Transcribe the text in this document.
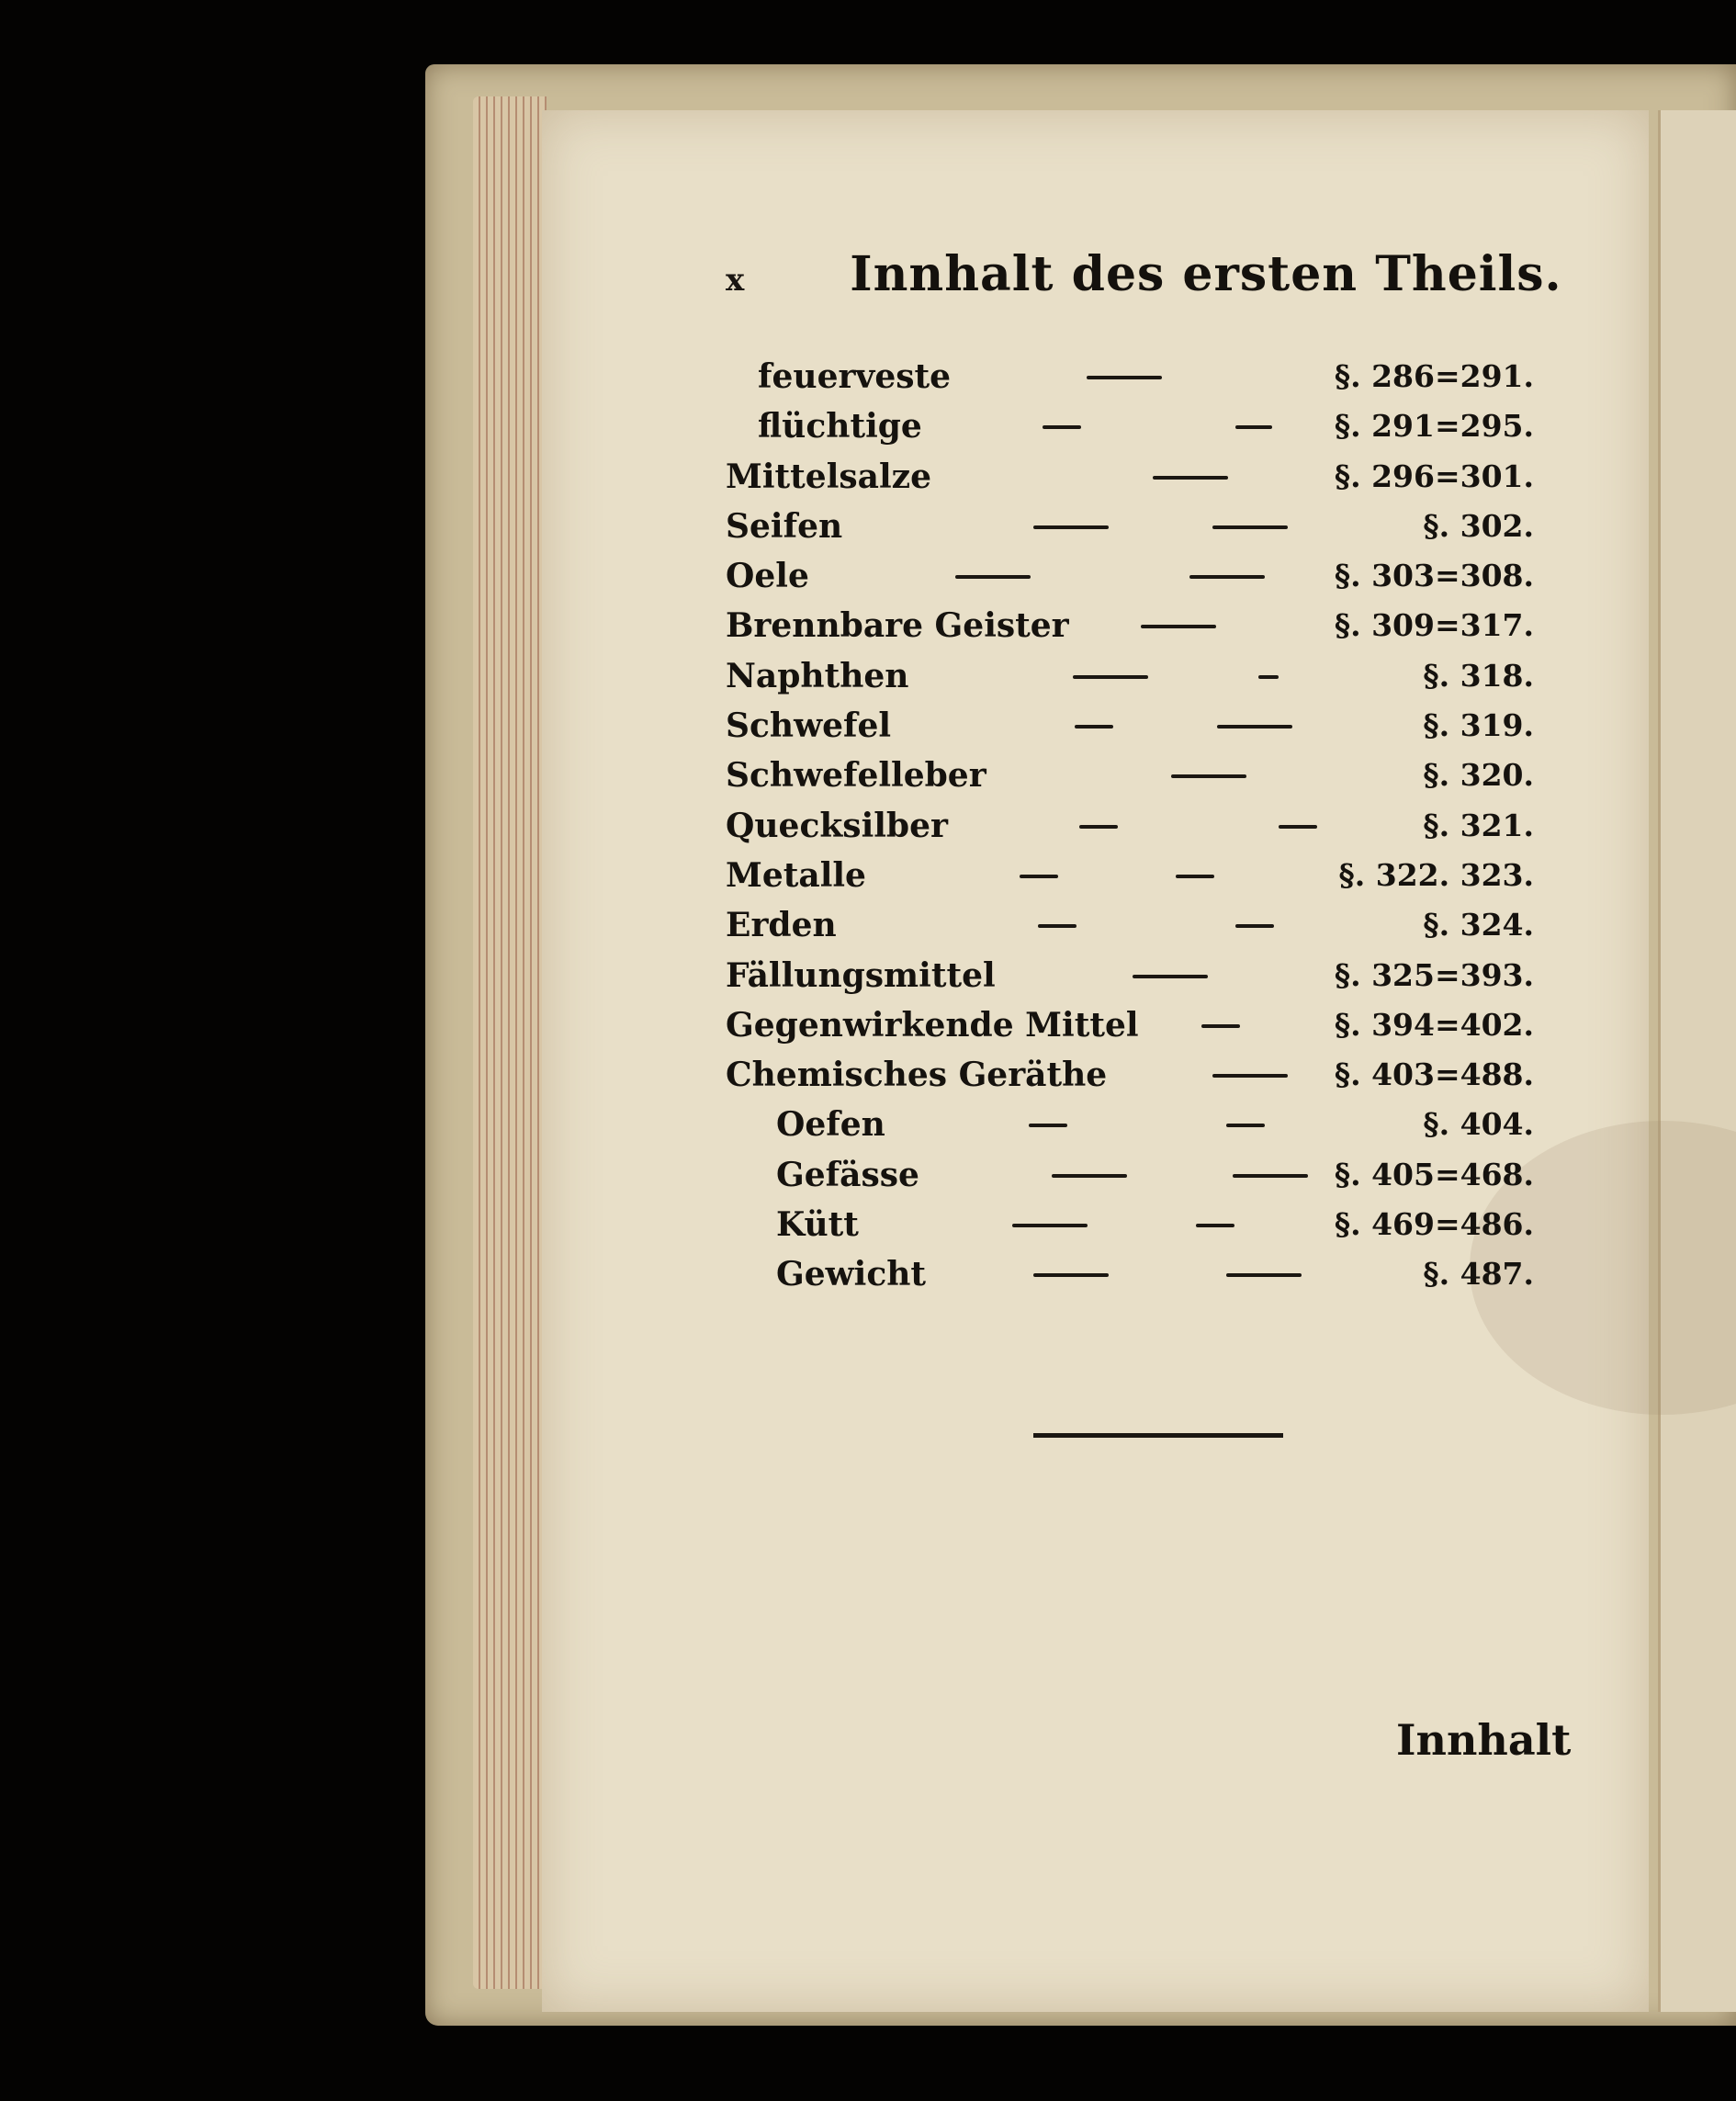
x Innhalt des ersten Theils.
feuerveste	§. 286=291.
flüchtige	§. 291=295.
Mittelsalze	§. 296=301.
Seifen	§. 302.
Oele	§. 303=308.
Brennbare Geister	§. 309=317.
Naphthen	§. 318.
Schwefel	§. 319.
Schwefelleber	§. 320.
Quecksilber	§. 321.
Metalle	§. 322. 323.
Erden	§. 324.
Fällungsmittel	§. 325=393.
Gegenwirkende Mittel	§. 394=402.
Chemisches Geräthe	§. 403=488.
Oefen	§. 404.
Gefässe	§. 405=468.
Kütt	§. 469=486.
Gewicht	§. 487.
Innhalt
